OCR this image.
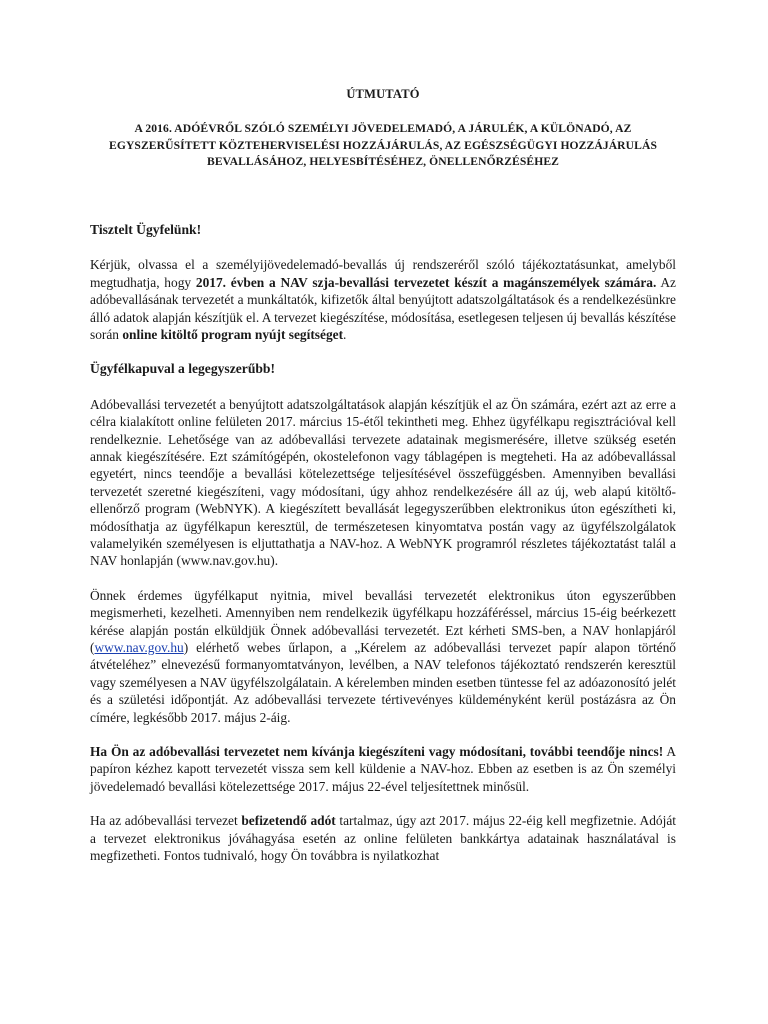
ÚTMUTATÓ
A 2016. ADÓÉVRŐL SZÓLÓ SZEMÉLYI JÖVEDELEMADÓ, A JÁRULÉK, A KÜLÖNADÓ, AZ
EGYSZERŰSÍTETT KÖZTEHERVISELÉSI HOZZÁJÁRULÁS, AZ EGÉSZSÉGÜGYI HOZZÁJÁRULÁS
BEVALLÁSÁHOZ, HELYESBÍTÉSÉHEZ, ÖNELLENŐRZÉSÉHEZ
Tisztelt Ügyfelünk!

Kérjük, olvassa el a személyijövedelemadó-bevallás új rendszeréről szóló tájékoztatásunkat, amelyből megtudhatja, hogy 2017. évben a NAV szja-bevallási tervezetet készít a magánszemélyek számára. Az adóbevallásának tervezetét a munkáltatók, kifizetők által benyújtott adatszolgáltatások és a rendelkezésünkre álló adatok alapján készítjük el. A tervezet kiegészítése, módosítása, esetlegesen teljesen új bevallás készítése során online kitöltő program nyújt segítséget.

Ügyfélkapuval a legegyszerűbb!

Adóbevallási tervezetét a benyújtott adatszolgáltatások alapján készítjük el az Ön számára, ezért azt az erre a célra kialakított online felületen 2017. március 15-étől tekintheti meg. Ehhez ügyfélkapu regisztrációval kell rendelkeznie. Lehetősége van az adóbevallási tervezete adatainak megismerésére, illetve szükség esetén annak kiegészítésére. Ezt számítógépén, okostelefonon vagy táblagépen is megteheti. Ha az adóbevallással egyetért, nincs teendője a bevallási kötelezettsége teljesítésével összefüggésben. Amennyiben bevallási tervezetét szeretné kiegészíteni, vagy módosítani, úgy ahhoz rendelkezésére áll az új, web alapú kitöltő-ellenőrző program (WebNYK). A kiegészített bevallását legegyszerűbben elektronikus úton egészítheti ki, módosíthatja az ügyfélkapun keresztül, de természetesen kinyomtatva postán vagy az ügyfélszolgálatok valamelyikén személyesen is eljuttathatja a NAV-hoz. A WebNYK programról részletes tájékoztatást talál a NAV honlapján (www.nav.gov.hu).

Önnek érdemes ügyfélkaput nyitnia, mivel bevallási tervezetét elektronikus úton egyszerűbben megismerheti, kezelheti. Amennyiben nem rendelkezik ügyfélkapu hozzáféréssel, március 15-éig beérkezett kérése alapján postán elküldjük Önnek adóbevallási tervezetét. Ezt kérheti SMS-ben, a NAV honlapjáról (www.nav.gov.hu) elérhető webes űrlapon, a „Kérelem az adóbevallási tervezet papír alapon történő átvételéhez” elnevezésű formanyomtatványon, levélben, a NAV telefonos tájékoztató rendszerén keresztül vagy személyesen a NAV ügyfélszolgálatain. A kérelemben minden esetben tüntesse fel az adóazonosító jelét és a születési időpontját. Az adóbevallási tervezete tértivevényes küldeményként kerül postázásra az Ön címére, legkésőbb 2017. május 2-áig.

Ha Ön az adóbevallási tervezetet nem kívánja kiegészíteni vagy módosítani, további teendője nincs! A papíron kézhez kapott tervezetét vissza sem kell küldenie a NAV-hoz. Ebben az esetben is az Ön személyi jövedelemadó bevallási kötelezettsége 2017. május 22-ével teljesítettnek minősül.

Ha az adóbevallási tervezet befizetendő adót tartalmaz, úgy azt 2017. május 22-éig kell megfizetnie. Adóját a tervezet elektronikus jóváhagyása esetén az online felületen bankkártya adatainak használatával is megfizetheti. Fontos tudnivaló, hogy Ön továbbra is nyilatkozhat
